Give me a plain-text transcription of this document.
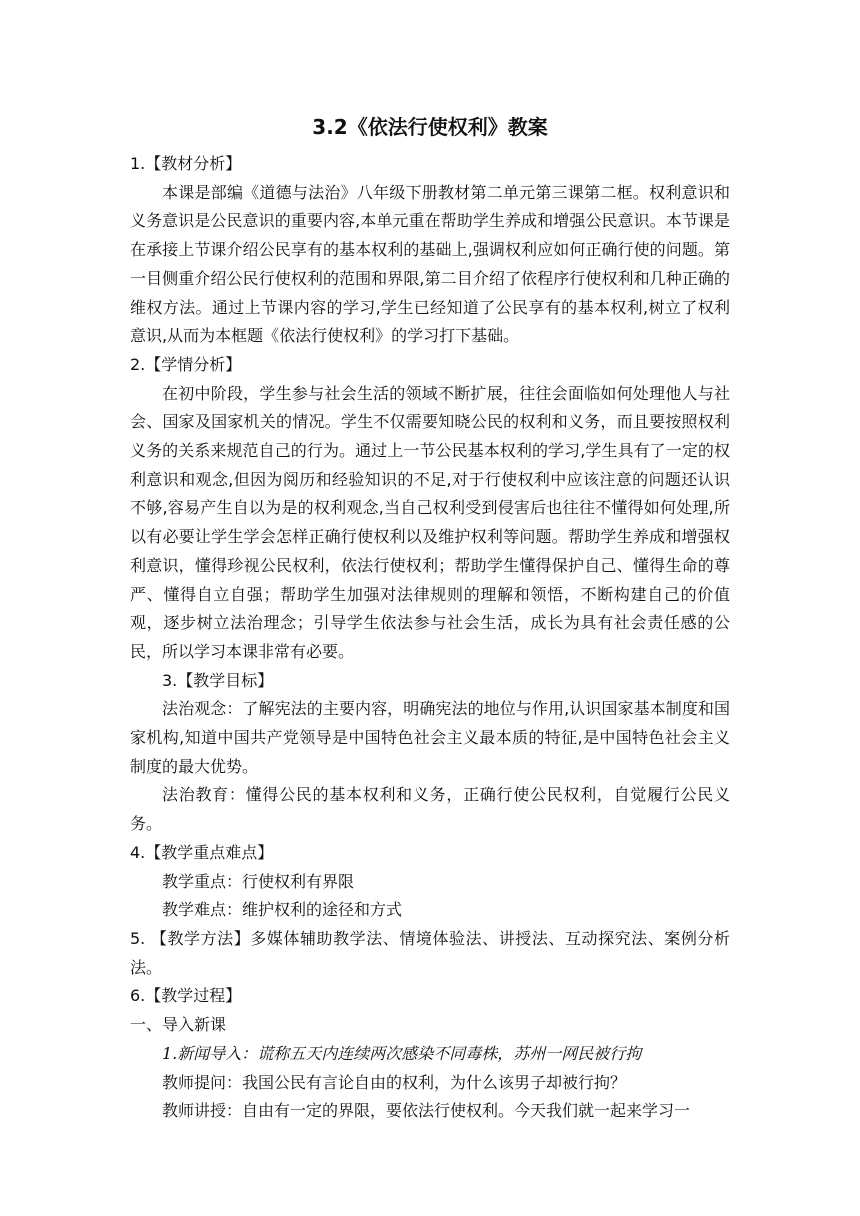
3.2《依法行使权利》教案

1.【教材分析】

本课是部编《道德与法治》八年级下册教材第二单元第三课第二框。权利意识和义务意识是公民意识的重要内容,本单元重在帮助学生养成和增强公民意识。本节课是在承接上节课介绍公民享有的基本权利的基础上,强调权利应如何正确行使的问题。第一目侧重介绍公民行使权利的范围和界限,第二目介绍了依程序行使权利和几种正确的维权方法。通过上节课内容的学习,学生已经知道了公民享有的基本权利,树立了权利意识,从而为本框题《依法行使权利》的学习打下基础。

2.【学情分析】

在初中阶段，学生参与社会生活的领域不断扩展，往往会面临如何处理他人与社会、国家及国家机关的情况。学生不仅需要知晓公民的权利和义务，而且要按照权利义务的关系来规范自己的行为。通过上一节公民基本权利的学习,学生具有了一定的权利意识和观念,但因为阅历和经验知识的不足,对于行使权利中应该注意的问题还认识不够,容易产生自以为是的权利观念,当自己权利受到侵害后也往往不懂得如何处理,所以有必要让学生学会怎样正确行使权利以及维护权利等问题。帮助学生养成和增强权利意识，懂得珍视公民权利，依法行使权利；帮助学生懂得保护自己、懂得生命的尊严、懂得自立自强；帮助学生加强对法律规则的理解和领悟，不断构建自己的价值观，逐步树立法治理念；引导学生依法参与社会生活，成长为具有社会责任感的公民，所以学习本课非常有必要。

3.【教学目标】

法治观念：了解宪法的主要内容，明确宪法的地位与作用,认识国家基本制度和国家机构,知道中国共产党领导是中国特色社会主义最本质的特征,是中国特色社会主义制度的最大优势。

法治教育：懂得公民的基本权利和义务，正确行使公民权利，自觉履行公民义务。

4.【教学重点难点】

教学重点：行使权利有界限

教学难点：维护权利的途径和方式

5. 【教学方法】多媒体辅助教学法、情境体验法、讲授法、互动探究法、案例分析法。

6.【教学过程】

一、导入新课

1.新闻导入：谎称五天内连续两次感染不同毒株，苏州一网民被行拘

教师提问：我国公民有言论自由的权利，为什么该男子却被行拘？

教师讲授：自由有一定的界限，要依法行使权利。今天我们就一起来学习一
